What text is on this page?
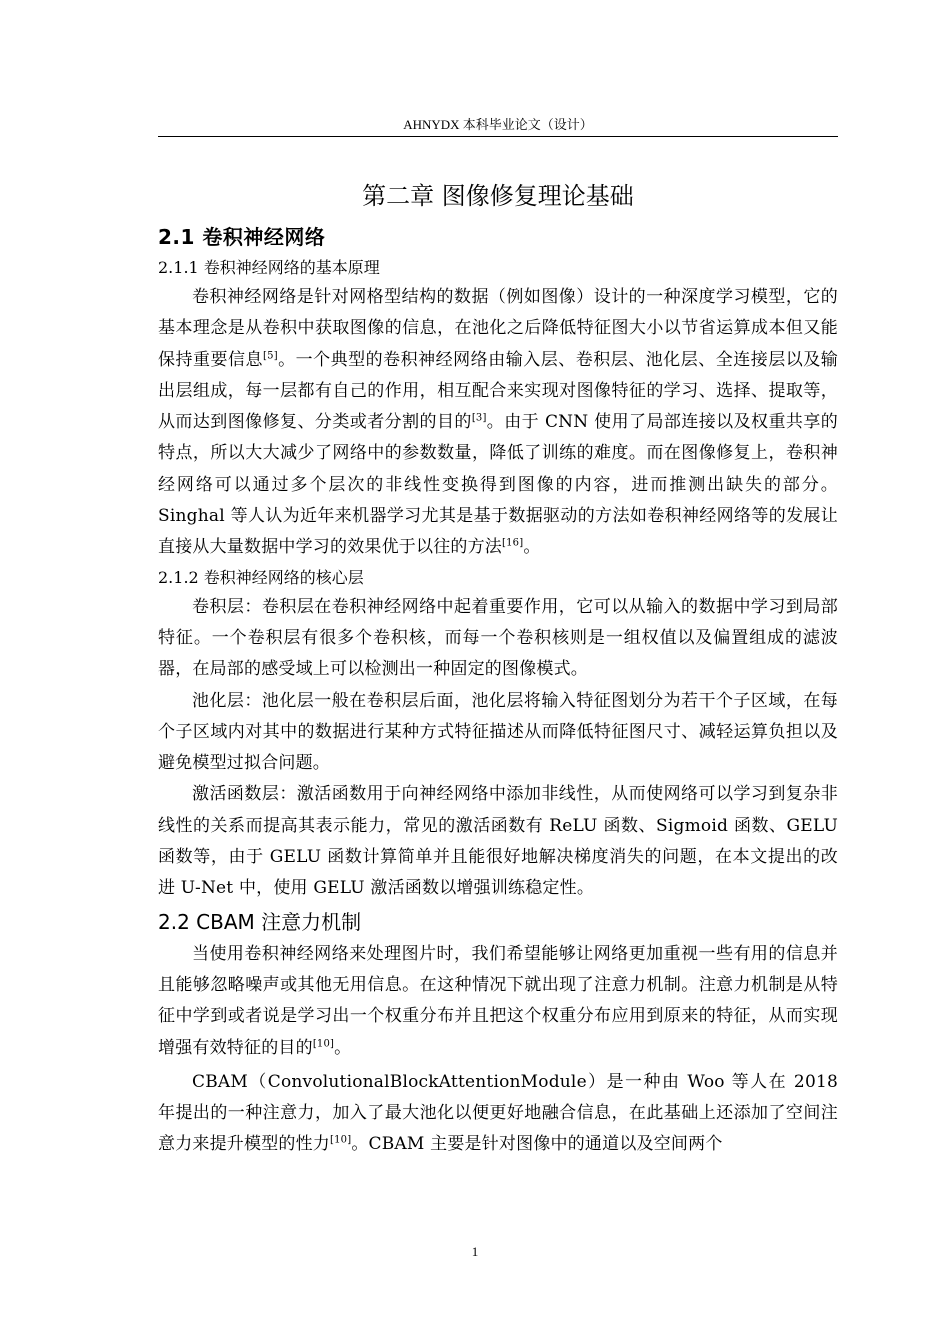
AHNYDX 本科毕业论文（设计）
第二章 图像修复理论基础
2.1 卷积神经网络
2.1.1 卷积神经网络的基本原理

卷积神经网络是针对网格型结构的数据（例如图像）设计的一种深度学习模型，它的基本理念是从卷积中获取图像的信息，在池化之后降低特征图大小以节省运算成本但又能保持重要信息[5]。一个典型的卷积神经网络由输入层、卷积层、池化层、全连接层以及输出层组成，每一层都有自己的作用，相互配合来实现对图像特征的学习、选择、提取等，从而达到图像修复、分类或者分割的目的[3]。由于 CNN 使用了局部连接以及权重共享的特点，所以大大减少了网络中的参数数量，降低了训练的难度。而在图像修复上，卷积神经网络可以通过多个层次的非线性变换得到图像的内容，进而推测出缺失的部分。Singhal 等人认为近年来机器学习尤其是基于数据驱动的方法如卷积神经网络等的发展让直接从大量数据中学习的效果优于以往的方法[16]。

2.1.2 卷积神经网络的核心层

卷积层：卷积层在卷积神经网络中起着重要作用，它可以从输入的数据中学习到局部特征。一个卷积层有很多个卷积核，而每一个卷积核则是一组权值以及偏置组成的滤波器，在局部的感受域上可以检测出一种固定的图像模式。

池化层：池化层一般在卷积层后面，池化层将输入特征图划分为若干个子区域，在每个子区域内对其中的数据进行某种方式特征描述从而降低特征图尺寸、减轻运算负担以及避免模型过拟合问题。

激活函数层：激活函数用于向神经网络中添加非线性，从而使网络可以学习到复杂非线性的关系而提高其表示能力，常见的激活函数有 ReLU 函数、Sigmoid 函数、GELU 函数等，由于 GELU 函数计算简单并且能很好地解决梯度消失的问题，在本文提出的改进 U-Net 中，使用 GELU 激活函数以增强训练稳定性。

2.2 CBAM 注意力机制

当使用卷积神经网络来处理图片时，我们希望能够让网络更加重视一些有用的信息并且能够忽略噪声或其他无用信息。在这种情况下就出现了注意力机制。注意力机制是从特征中学到或者说是学习出一个权重分布并且把这个权重分布应用到原来的特征，从而实现增强有效特征的目的[10]。

CBAM（ConvolutionalBlockAttentionModule）是一种由 Woo 等人在 2018 年提出的一种注意力，加入了最大池化以便更好地融合信息，在此基础上还添加了空间注意力来提升模型的性力[10]。CBAM 主要是针对图像中的通道以及空间两个

1
